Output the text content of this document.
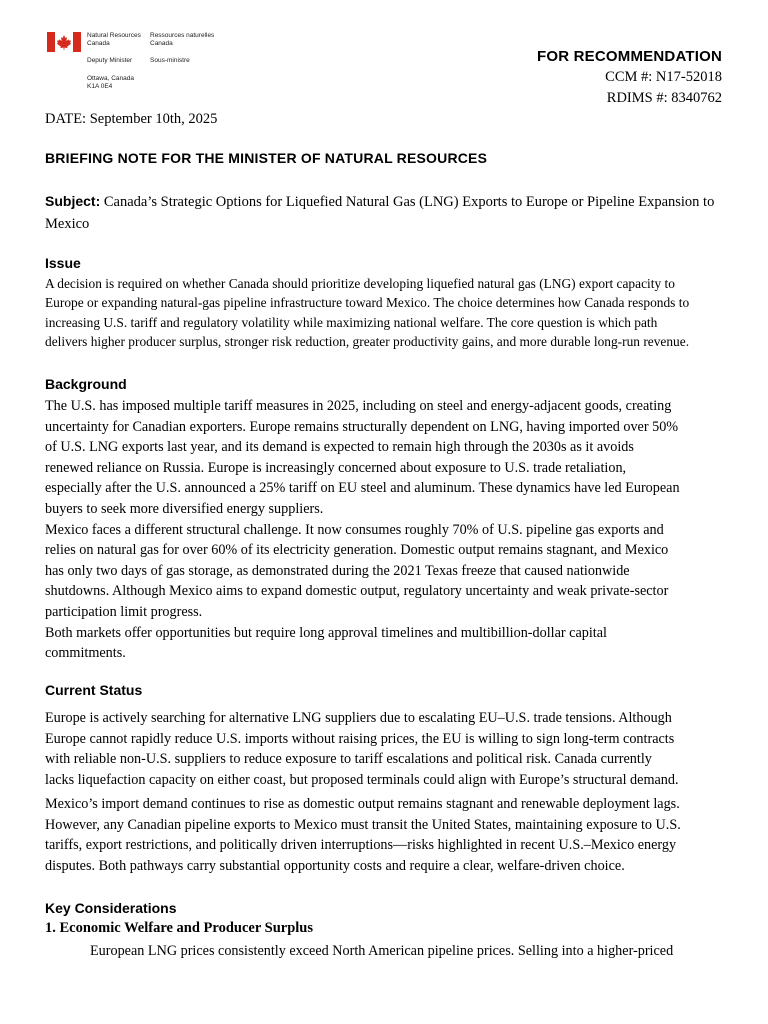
Natural Resources
Canada
Ressources naturelles
Canada
Deputy Minister	Sous-ministre
Ottawa, Canada
K1A 0E4
FOR RECOMMENDATION
CCM #: N17-52018
RDIMS #: 8340762
DATE: September 10th, 2025
BRIEFING NOTE FOR THE MINISTER OF NATURAL RESOURCES
Subject: Canada’s Strategic Options for Liquefied Natural Gas (LNG) Exports to Europe or Pipeline Expansion to Mexico
Issue
A decision is required on whether Canada should prioritize developing liquefied natural gas (LNG) export capacity to
Europe or expanding natural-gas pipeline infrastructure toward Mexico. The choice determines how Canada responds to
increasing U.S. tariff and regulatory volatility while maximizing national welfare. The core question is which path
delivers higher producer surplus, stronger risk reduction, greater productivity gains, and more durable long-run revenue.
Background
The U.S. has imposed multiple tariff measures in 2025, including on steel and energy-adjacent goods, creating
uncertainty for Canadian exporters. Europe remains structurally dependent on LNG, having imported over 50%
of U.S. LNG exports last year, and its demand is expected to remain high through the 2030s as it avoids
renewed reliance on Russia. Europe is increasingly concerned about exposure to U.S. trade retaliation,
especially after the U.S. announced a 25% tariff on EU steel and aluminum. These dynamics have led European
buyers to seek more diversified energy suppliers.
Mexico faces a different structural challenge. It now consumes roughly 70% of U.S. pipeline gas exports and
relies on natural gas for over 60% of its electricity generation. Domestic output remains stagnant, and Mexico
has only two days of gas storage, as demonstrated during the 2021 Texas freeze that caused nationwide
shutdowns. Although Mexico aims to expand domestic output, regulatory uncertainty and weak private-sector
participation limit progress.
Both markets offer opportunities but require long approval timelines and multibillion-dollar capital
commitments.
Current Status
Europe is actively searching for alternative LNG suppliers due to escalating EU–U.S. trade tensions. Although
Europe cannot rapidly reduce U.S. imports without raising prices, the EU is willing to sign long-term contracts
with reliable non-U.S. suppliers to reduce exposure to tariff escalations and political risk. Canada currently
lacks liquefaction capacity on either coast, but proposed terminals could align with Europe’s structural demand.
Mexico’s import demand continues to rise as domestic output remains stagnant and renewable deployment lags.
However, any Canadian pipeline exports to Mexico must transit the United States, maintaining exposure to U.S.
tariffs, export restrictions, and politically driven interruptions—risks highlighted in recent U.S.–Mexico energy
disputes. Both pathways carry substantial opportunity costs and require a clear, welfare-driven choice.
Key Considerations
1. Economic Welfare and Producer Surplus
European LNG prices consistently exceed North American pipeline prices. Selling into a higher-priced
